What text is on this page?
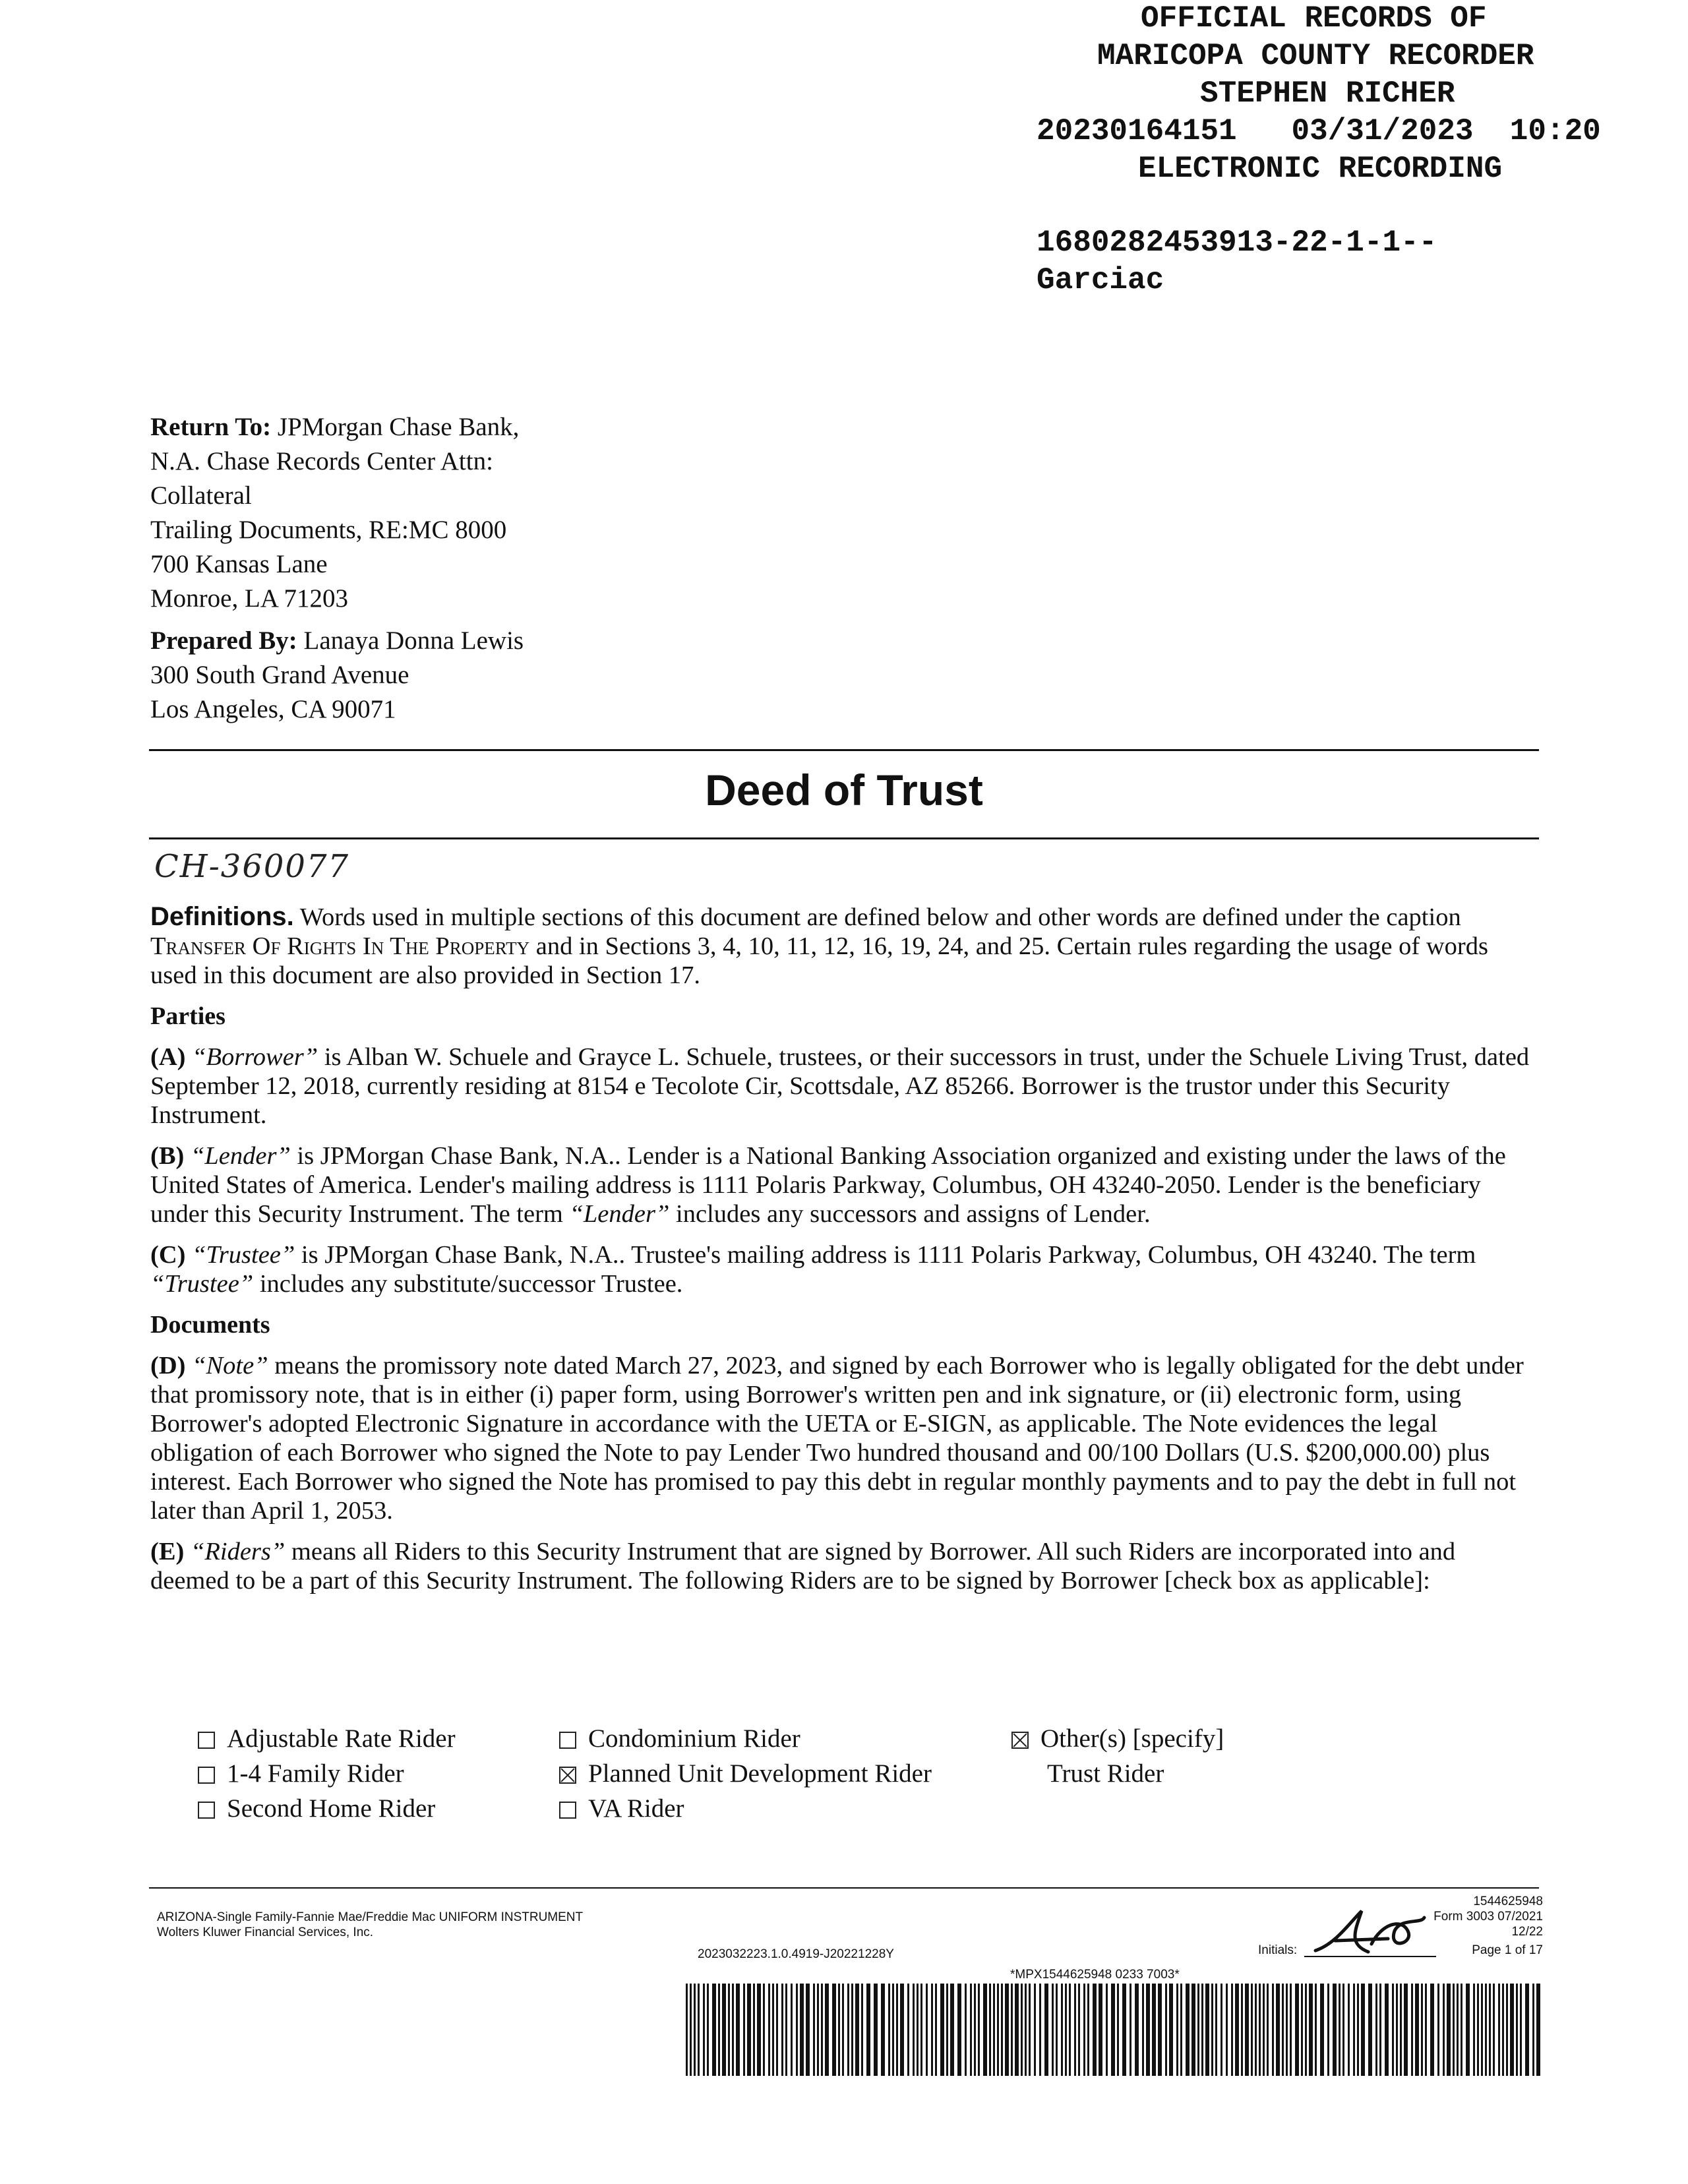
OFFICIAL RECORDS OF
MARICOPA COUNTY RECORDER
STEPHEN RICHER
20230164151 03/31/2023 10:20
ELECTRONIC RECORDING
1680282453913-22-1-1--
Garciac
Return To: JPMorgan Chase Bank,
N.A. Chase Records Center Attn:
Collateral
Trailing Documents, RE:MC 8000
700 Kansas Lane
Monroe, LA 71203
Prepared By: Lanaya Donna Lewis
300 South Grand Avenue
Los Angeles, CA 90071
Deed of Trust
CH-360077

Definitions. Words used in multiple sections of this document are defined below and other words are defined under the caption Transfer Of Rights In The Property and in Sections 3, 4, 10, 11, 12, 16, 19, 24, and 25. Certain rules regarding the usage of words used in this document are also provided in Section 17.

Parties

(A) “Borrower” is Alban W. Schuele and Grayce L. Schuele, trustees, or their successors in trust, under the Schuele Living Trust, dated September 12, 2018, currently residing at 8154 e Tecolote Cir, Scottsdale, AZ 85266. Borrower is the trustor under this Security Instrument.

(B) “Lender” is JPMorgan Chase Bank, N.A.. Lender is a National Banking Association organized and existing under the laws of the United States of America. Lender's mailing address is 1111 Polaris Parkway, Columbus, OH 43240-2050. Lender is the beneficiary under this Security Instrument. The term “Lender” includes any successors and assigns of Lender.

(C) “Trustee” is JPMorgan Chase Bank, N.A.. Trustee's mailing address is 1111 Polaris Parkway, Columbus, OH 43240. The term “Trustee” includes any substitute/successor Trustee.

Documents

(D) “Note” means the promissory note dated March 27, 2023, and signed by each Borrower who is legally obligated for the debt under that promissory note, that is in either (i) paper form, using Borrower's written pen and ink signature, or (ii) electronic form, using Borrower's adopted Electronic Signature in accordance with the UETA or E-SIGN, as applicable. The Note evidences the legal obligation of each Borrower who signed the Note to pay Lender Two hundred thousand and 00/100 Dollars (U.S. $200,000.00) plus interest. Each Borrower who signed the Note has promised to pay this debt in regular monthly payments and to pay the debt in full not later than April 1, 2053.

(E) “Riders” means all Riders to this Security Instrument that are signed by Borrower. All such Riders are incorporated into and deemed to be a part of this Security Instrument. The following Riders are to be signed by Borrower [check box as applicable]:

Adjustable Rate Rider
1-4 Family Rider
Second Home Rider
Condominium Rider
Planned Unit Development Rider
VA Rider
Other(s) [specify]
Trust Rider
ARIZONA-Single Family-Fannie Mae/Freddie Mac UNIFORM INSTRUMENT
Wolters Kluwer Financial Services, Inc.
2023032223.1.0.4919-J20221228Y
1544625948
Form 3003 07/2021
12/22
Initials:	Page 1 of 17
*MPX1544625948 0233 7003*
